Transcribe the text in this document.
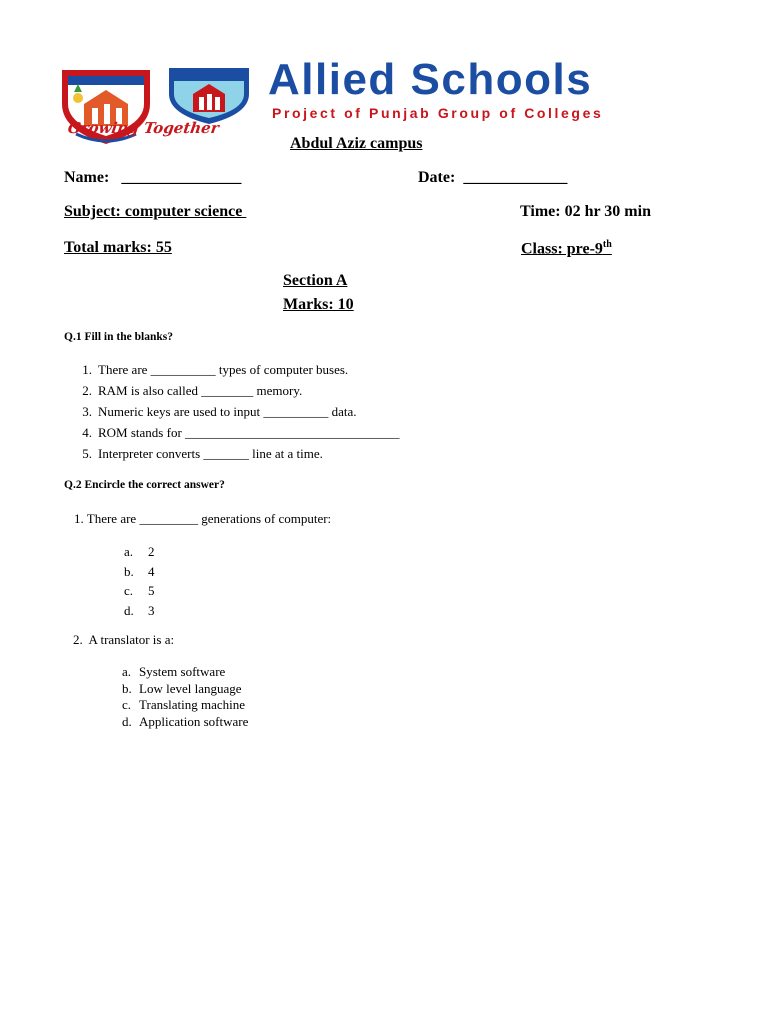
Growing Together
Allied Schools
Project of Punjab Group of Colleges
Abdul Aziz campus
Name:   _______________	Date:  _____________
Subject: computer science	Time: 02 hr 30 min
Total marks: 55	Class: pre-9th
Section A
Marks: 10
Q.1 Fill in the blanks?
1. There are __________ types of computer buses.
2. RAM is also called ________ memory.
3. Numeric keys are used to input __________ data.
4. ROM stands for _________________________________
5. Interpreter converts _______ line at a time.
Q.2 Encircle the correct answer?
1. There are _________ generations of computer:
a. 2
b. 4
c. 5
d. 3
2.  A translator is a:
a. System software
b. Low level language
c. Translating machine
d. Application software
